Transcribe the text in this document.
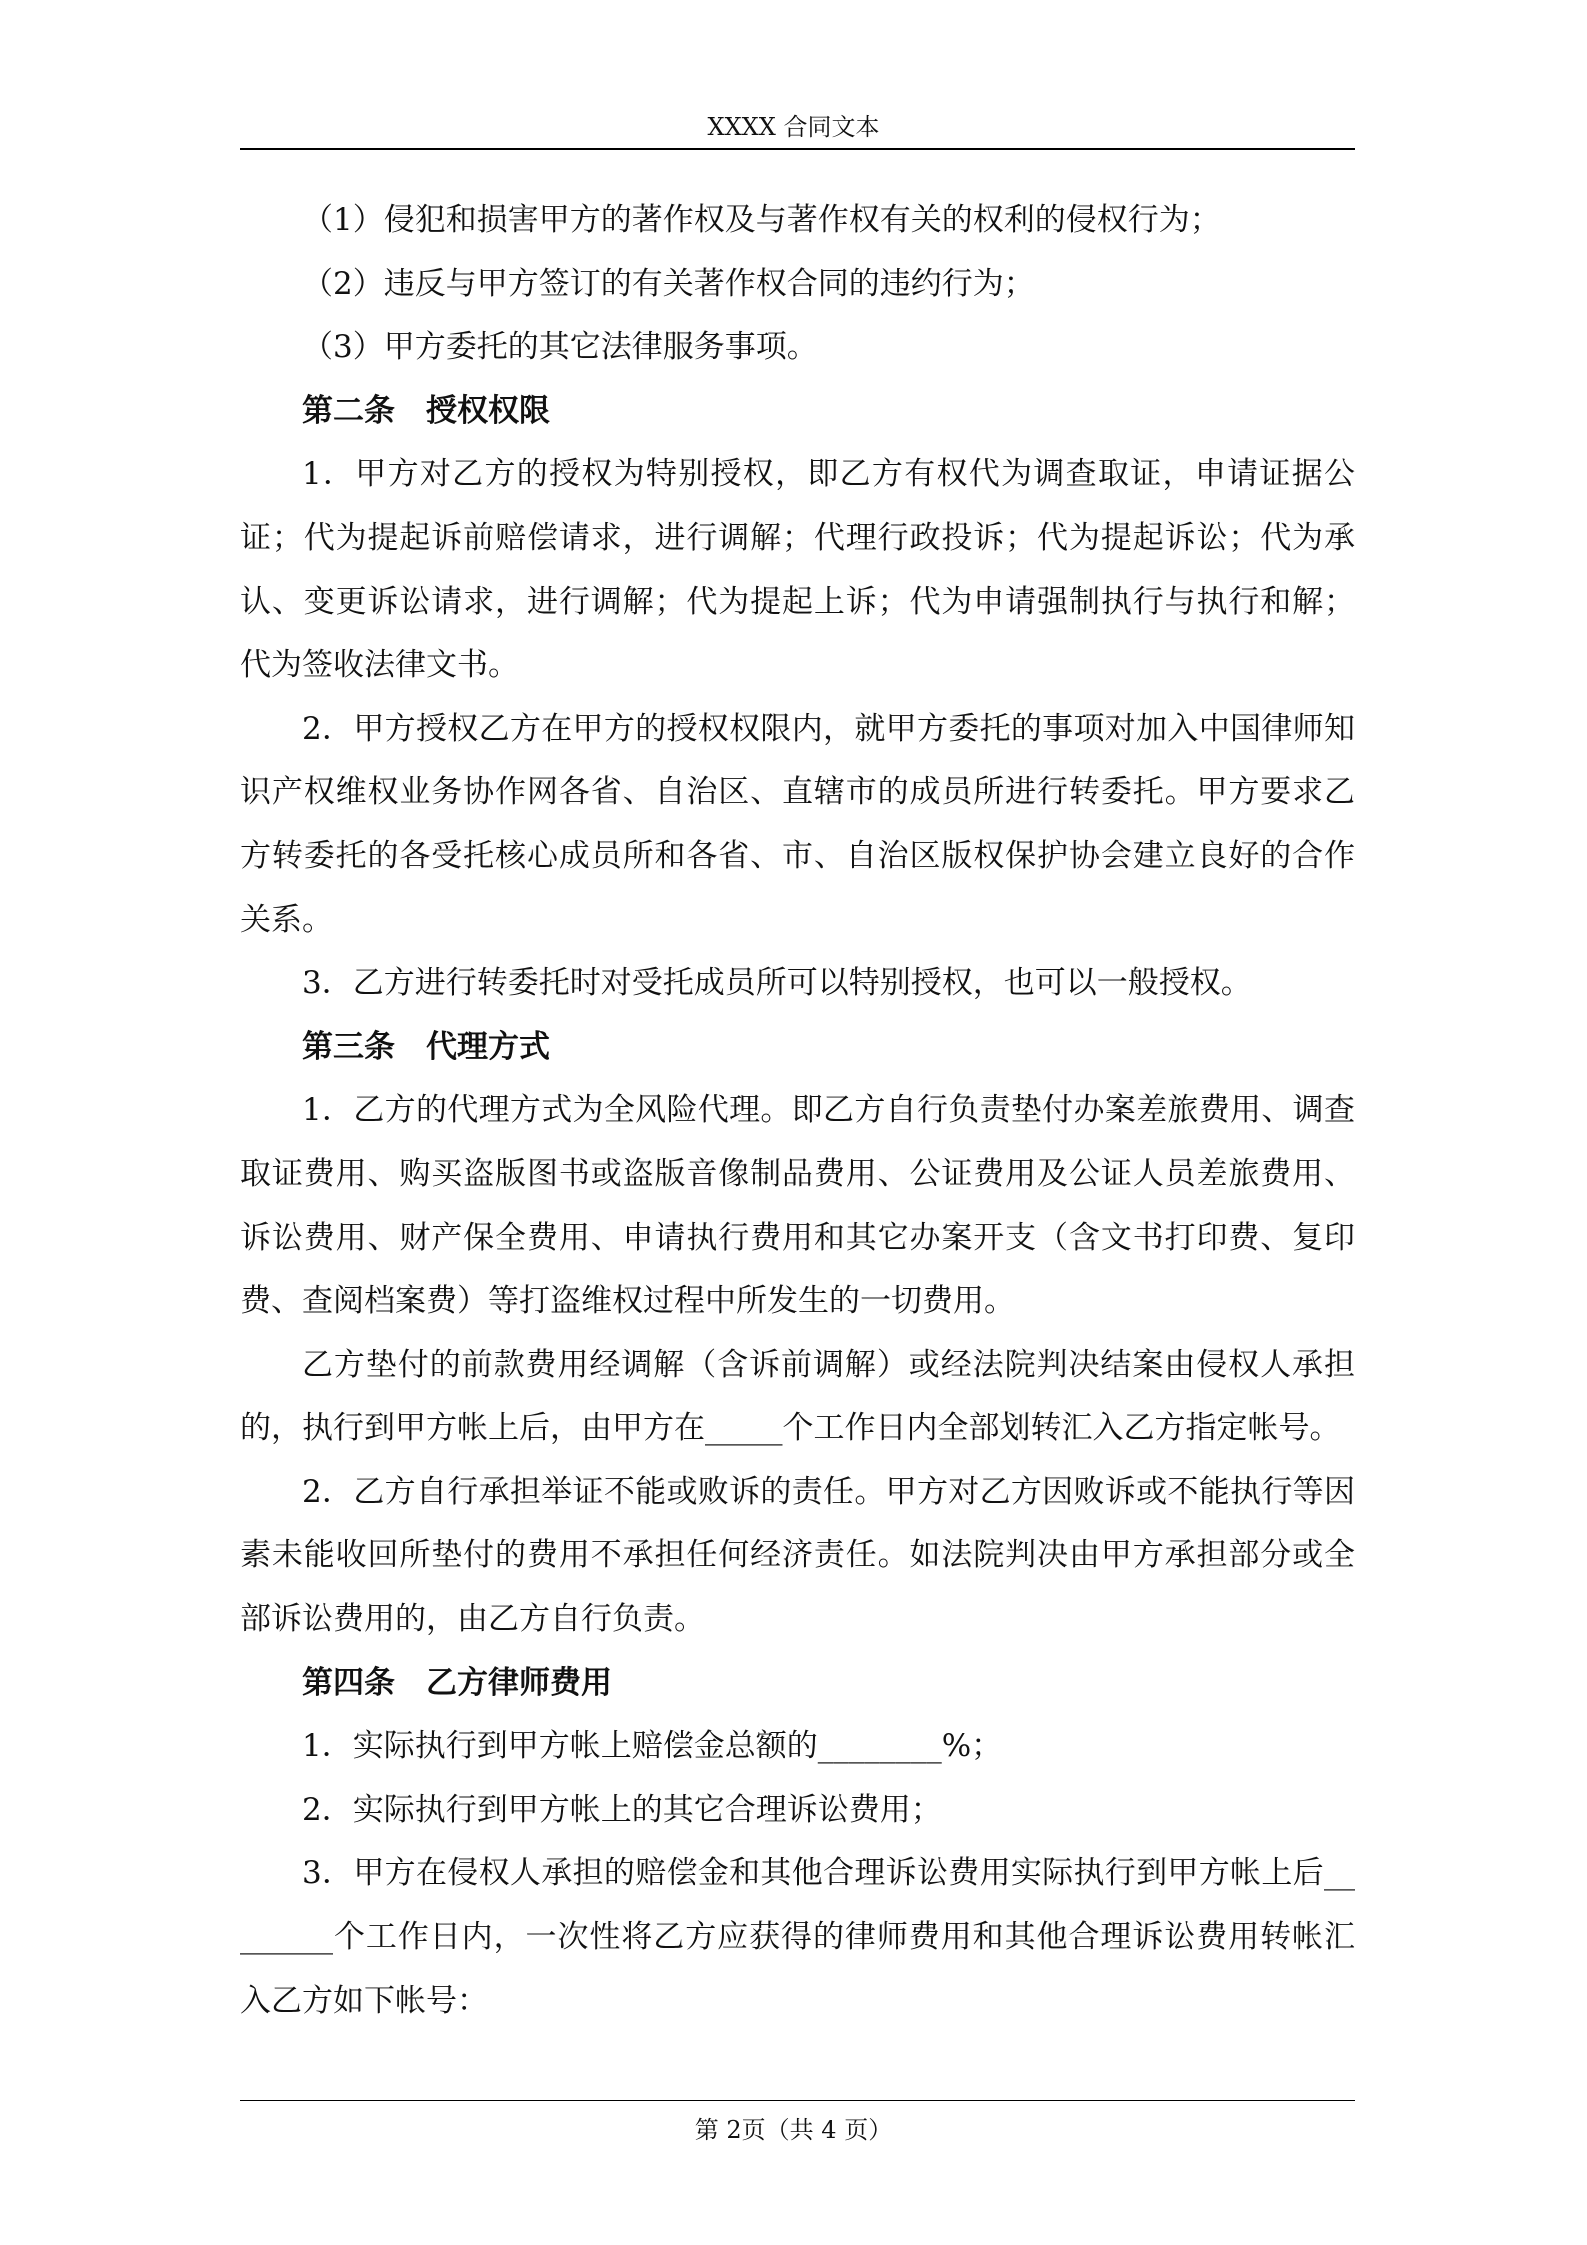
XXXX 合同文本

（1）侵犯和损害甲方的著作权及与著作权有关的权利的侵权行为；

（2）违反与甲方签订的有关著作权合同的违约行为；

（3）甲方委托的其它法律服务事项。

第二条　授权权限

1．甲方对乙方的授权为特别授权，即乙方有权代为调查取证，申请证据公证；代为提起诉前赔偿请求，进行调解；代理行政投诉；代为提起诉讼；代为承认、变更诉讼请求，进行调解；代为提起上诉；代为申请强制执行与执行和解；代为签收法律文书。

2．甲方授权乙方在甲方的授权权限内，就甲方委托的事项对加入中国律师知识产权维权业务协作网各省、自治区、直辖市的成员所进行转委托。甲方要求乙方转委托的各受托核心成员所和各省、市、自治区版权保护协会建立良好的合作关系。

3．乙方进行转委托时对受托成员所可以特别授权，也可以一般授权。

第三条　代理方式

1．乙方的代理方式为全风险代理。即乙方自行负责垫付办案差旅费用、调查取证费用、购买盗版图书或盗版音像制品费用、公证费用及公证人员差旅费用、诉讼费用、财产保全费用、申请执行费用和其它办案开支（含文书打印费、复印费、查阅档案费）等打盗维权过程中所发生的一切费用。

乙方垫付的前款费用经调解（含诉前调解）或经法院判决结案由侵权人承担的，执行到甲方帐上后，由甲方在_____个工作日内全部划转汇入乙方指定帐号。

2．乙方自行承担举证不能或败诉的责任。甲方对乙方因败诉或不能执行等因素未能收回所垫付的费用不承担任何经济责任。如法院判决由甲方承担部分或全部诉讼费用的，由乙方自行负责。

第四条　乙方律师费用

1．实际执行到甲方帐上赔偿金总额的________%；

2．实际执行到甲方帐上的其它合理诉讼费用；

3．甲方在侵权人承担的赔偿金和其他合理诉讼费用实际执行到甲方帐上后________个工作日内，一次性将乙方应获得的律师费用和其他合理诉讼费用转帐汇入乙方如下帐号：

第 2页（共 4 页）
